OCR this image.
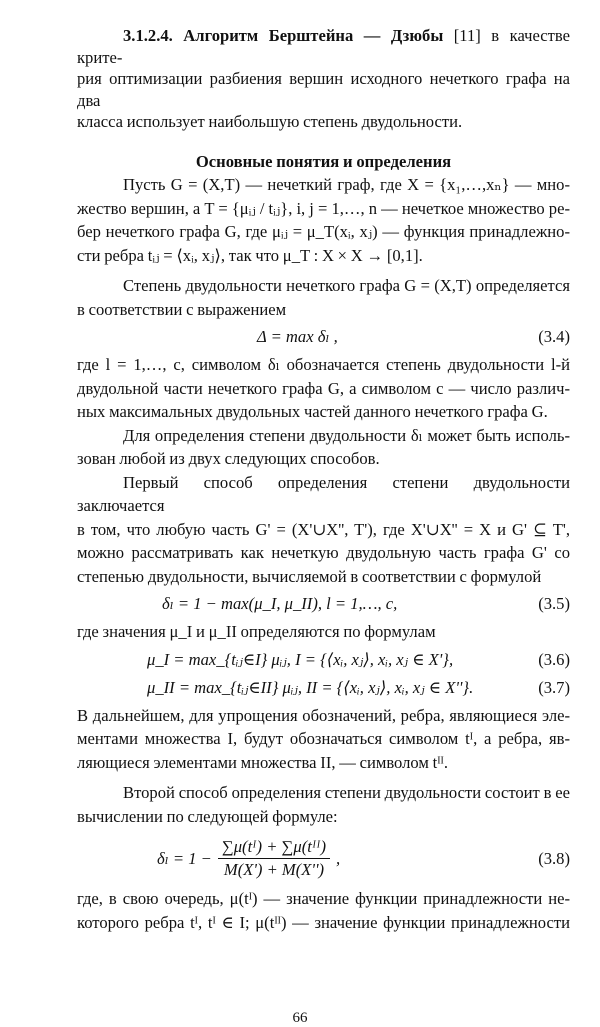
3.1.2.4. Алгоритм Берштейна — Дзюбы [11] в качестве крите-
рия оптимизации разбиения вершин исходного нечеткого графа на два
класса использует наибольшую степень двудольности.
Основные понятия и определения
Пусть G = (X,T) — нечеткий граф, где X = {x₁,…,xₙ} — мно-
жество вершин, а T = {μᵢⱼ / tᵢⱼ}, i, j = 1,…, n — нечеткое множество ре-
бер нечеткого графа G, где μᵢⱼ = μ_T(xᵢ, xⱼ) — функция принадлежно-
сти ребра tᵢⱼ = ⟨xᵢ, xⱼ⟩, так что μ_T : X × X → [0,1].
Степень двудольности нечеткого графа G = (X,T) определяется
в соответствии с выражением
Δ = max δₗ ,	(3.4)
где l = 1,…, c, символом δₗ обозначается степень двудольности l-й
двудольной части нечеткого графа G, а символом c — число различ-
ных максимальных двудольных частей данного нечеткого графа G.
Для определения степени двудольности δₗ может быть исполь-
зован любой из двух следующих способов.
Первый способ определения степени двудольности заключается
в том, что любую часть G' = (X'∪X'', T'), где X'∪X'' = X и G' ⊆ T',
можно рассматривать как нечеткую двудольную часть графа G' со
степенью двудольности, вычисляемой в соответствии с формулой
δₗ = 1 − max(μ_I, μ_II), l = 1,…, c,	(3.5)
где значения μ_I и μ_II определяются по формулам
μ_I = max_{tᵢⱼ∈I} μᵢⱼ, I = {⟨xᵢ, xⱼ⟩, xᵢ, xⱼ ∈ X'},	(3.6)
μ_II = max_{tᵢⱼ∈II} μᵢⱼ, II = {⟨xᵢ, xⱼ⟩, xᵢ, xⱼ ∈ X''}.	(3.7)
В дальнейшем, для упрощения обозначений, ребра, являющиеся эле-
ментами множества I, будут обозначаться символом tᴵ, а ребра, яв-
ляющиеся элементами множества II, — символом tᴵᴵ.
Второй способ определения степени двудольности состоит в ее
вычислении по следующей формуле:
$\delta_l = 1 - \frac{\text{∑μ(tᴵ) + ∑μ(tᴵᴵ)}}{M(X') + M(X'')}$ ,	(3.8)
где, в свою очередь, μ(tᴵ) — значение функции принадлежности не-
которого ребра tᴵ, tᴵ ∈ I; μ(tᴵᴵ) — значение функции принадлежности
66
